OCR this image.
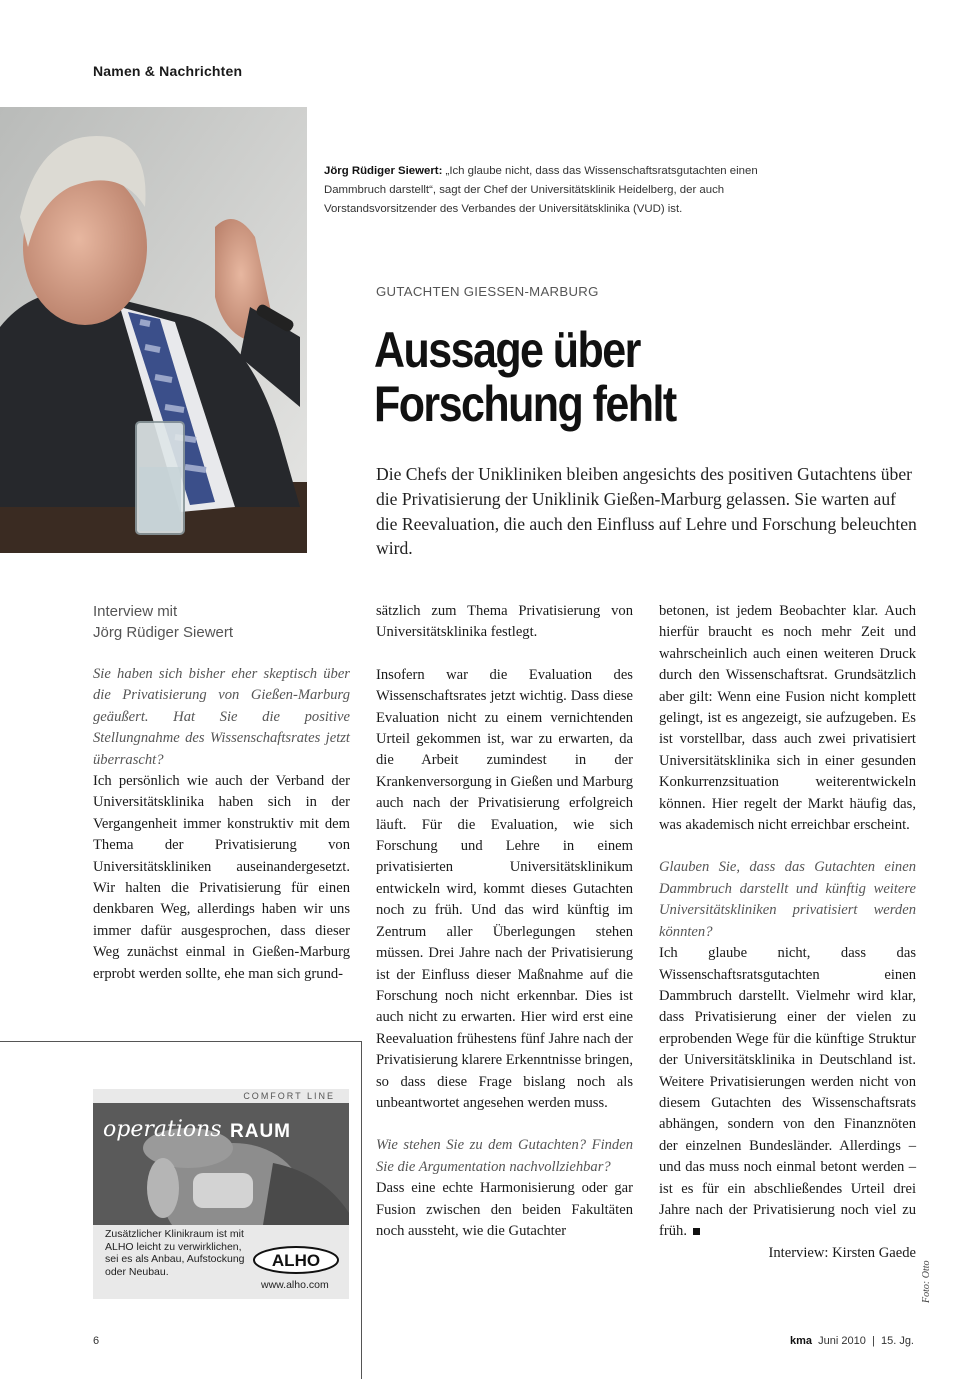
Namen & Nachrichten
Jörg Rüdiger Siewert: „Ich glaube nicht, dass das Wissenschaftsratsgutachten einen Dammbruch darstellt“, sagt der Chef der Universitätsklinik Heidelberg, der auch Vorstandsvorsitzender des Verbandes der Universitätsklinika (VUD) ist.
GUTACHTEN GIESSEN-MARBURG
Aussage über
Forschung fehlt

Die Chefs der Unikliniken bleiben angesichts des positiven Gutachtens über die Privatisierung der Uniklinik Gießen-Marburg gelassen. Sie warten auf die Reevaluation, die auch den Einfluss auf Lehre und Forschung beleuchten wird.

Interview mit
Jörg Rüdiger Siewert

Sie haben sich bisher eher skeptisch über die Privatisierung von Gießen-Marburg geäußert. Hat Sie die positive Stellungnahme des Wissenschaftsrates jetzt überrascht?

Ich persönlich wie auch der Verband der Universitätsklinika haben sich in der Vergangenheit immer konstruktiv mit dem Thema der Privatisierung von Universitätskliniken auseinandergesetzt. Wir halten die Privatisierung für einen denkbaren Weg, allerdings haben wir uns immer dafür ausgesprochen, dass dieser Weg zunächst einmal in Gießen-Marburg erprobt werden sollte, ehe man sich grund-

sätzlich zum Thema Privatisierung von Universitätsklinika festlegt.

Insofern war die Evaluation des Wissenschaftsrates jetzt wichtig. Dass diese Evaluation nicht zu einem vernichtenden Urteil gekommen ist, war zu erwarten, da die Arbeit zumindest in der Krankenversorgung in Gießen und Marburg auch nach der Privatisierung erfolgreich läuft. Für die Evaluation, wie sich Forschung und Lehre in einem privatisierten Universitätsklinikum entwickeln wird, kommt dieses Gutachten noch zu früh. Und das wird künftig im Zentrum aller Überlegungen stehen müssen. Drei Jahre nach der Privatisierung ist der Einfluss dieser Maßnahme auf die Forschung noch nicht erkennbar. Dies ist auch nicht zu erwarten. Hier wird erst eine Reevaluation frühestens fünf Jahre nach der Privatisierung klarere Erkenntnisse bringen, so dass diese Frage bislang noch als unbeantwortet angesehen werden muss.

Wie stehen Sie zu dem Gutachten? Finden Sie die Argumentation nachvollziehbar?

Dass eine echte Harmonisierung oder gar Fusion zwischen den beiden Fakultäten noch aussteht, wie die Gutachter

betonen, ist jedem Beobachter klar. Auch hierfür braucht es noch mehr Zeit und wahrscheinlich auch einen weiteren Druck durch den Wissenschaftsrat. Grundsätzlich aber gilt: Wenn eine Fusion nicht komplett gelingt, ist es angezeigt, sie aufzugeben. Es ist vorstellbar, dass auch zwei privatisiert Universitätsklinika sich in einer gesunden Konkurrenzsituation weiterentwickeln können. Hier regelt der Markt häufig das, was akademisch nicht erreichbar erscheint.

Glauben Sie, dass das Gutachten einen Dammbruch darstellt und künftig weitere Universitätskliniken privatisiert werden könnten?

Ich glaube nicht, dass das Wissenschaftsratsgutachten einen Dammbruch darstellt. Vielmehr wird klar, dass Privatisierung einer der vielen zu erprobenden Wege für die künftige Struktur der Universitätsklinika in Deutschland ist. Weitere Privatisierungen werden nicht von diesem Gutachten des Wissenschaftsrats abhängen, sondern von den Finanznöten der einzelnen Bundesländer. Allerdings – und das muss noch einmal betont werden – ist es für ein abschließendes Urteil drei Jahre nach der Privatisierung noch viel zu früh.

Interview: Kirsten Gaede

Foto: Otto
COMFORT LINE
operations RAUM
Zusätzlicher Klinikraum ist mit ALHO leicht zu verwirklichen, sei es als Anbau, Aufstockung oder Neubau.
ALHO
www.alho.com
6	kma Juni 2010 | 15. Jg.
